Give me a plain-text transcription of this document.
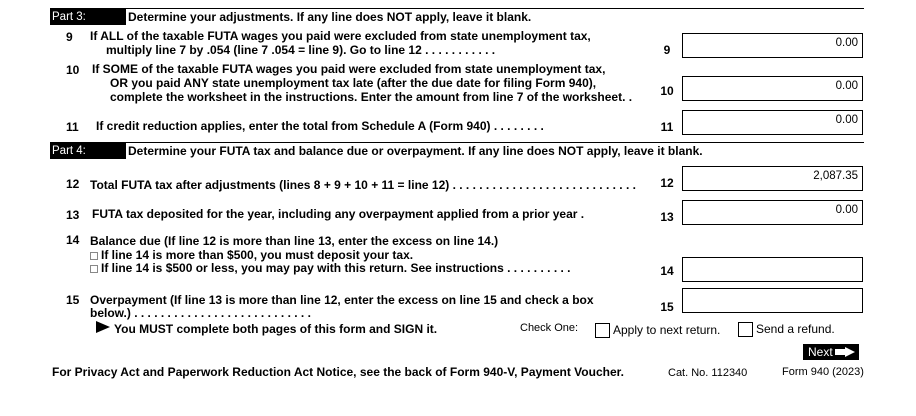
Part 3:	Determine your adjustments. If any line does NOT apply, leave it blank.
9 If ALL of the taxable FUTA wages you paid were excluded from state unemployment tax,
multiply line 7 by .054 (line 7 .054 = line 9). Go to line 12 . . . . . . . . . . .	9	0.00
10 If SOME of the taxable FUTA wages you paid were excluded from state unemployment tax,
OR you paid ANY state unemployment tax late (after the due date for filing Form 940),
complete the worksheet in the instructions. Enter the amount from line 7 of the worksheet. .	10	0.00
11 If credit reduction applies, enter the total from Schedule A (Form 940) . . . . . . . .	11	0.00
Part 4:	Determine your FUTA tax and balance due or overpayment. If any line does NOT apply, leave it blank.
12 Total FUTA tax after adjustments (lines 8 + 9 + 10 + 11 = line 12) . . . . . . . . . . . . . . . . . . . . . . . . . . . .	12	2,087.35
13 FUTA tax deposited for the year, including any overpayment applied from a prior year .	13	0.00
14 Balance due (If line 12 is more than line 13, enter the excess on line 14.)
If line 14 is more than $500, you must deposit your tax.
If line 14 is $500 or less, you may pay with this return. See instructions . . . . . . . . . .	14
15 Overpayment (If line 13 is more than line 12, enter the excess on line 15 and check a box
below.) . . . . . . . . . . . . . . . . . . . . . . . . . . .	15
You MUST complete both pages of this form and SIGN it.	Check One:	Apply to next return.	Send a refund.
Next
For Privacy Act and Paperwork Reduction Act Notice, see the back of Form 940-V, Payment Voucher.	Cat. No. 112340	Form 940 (2023)
